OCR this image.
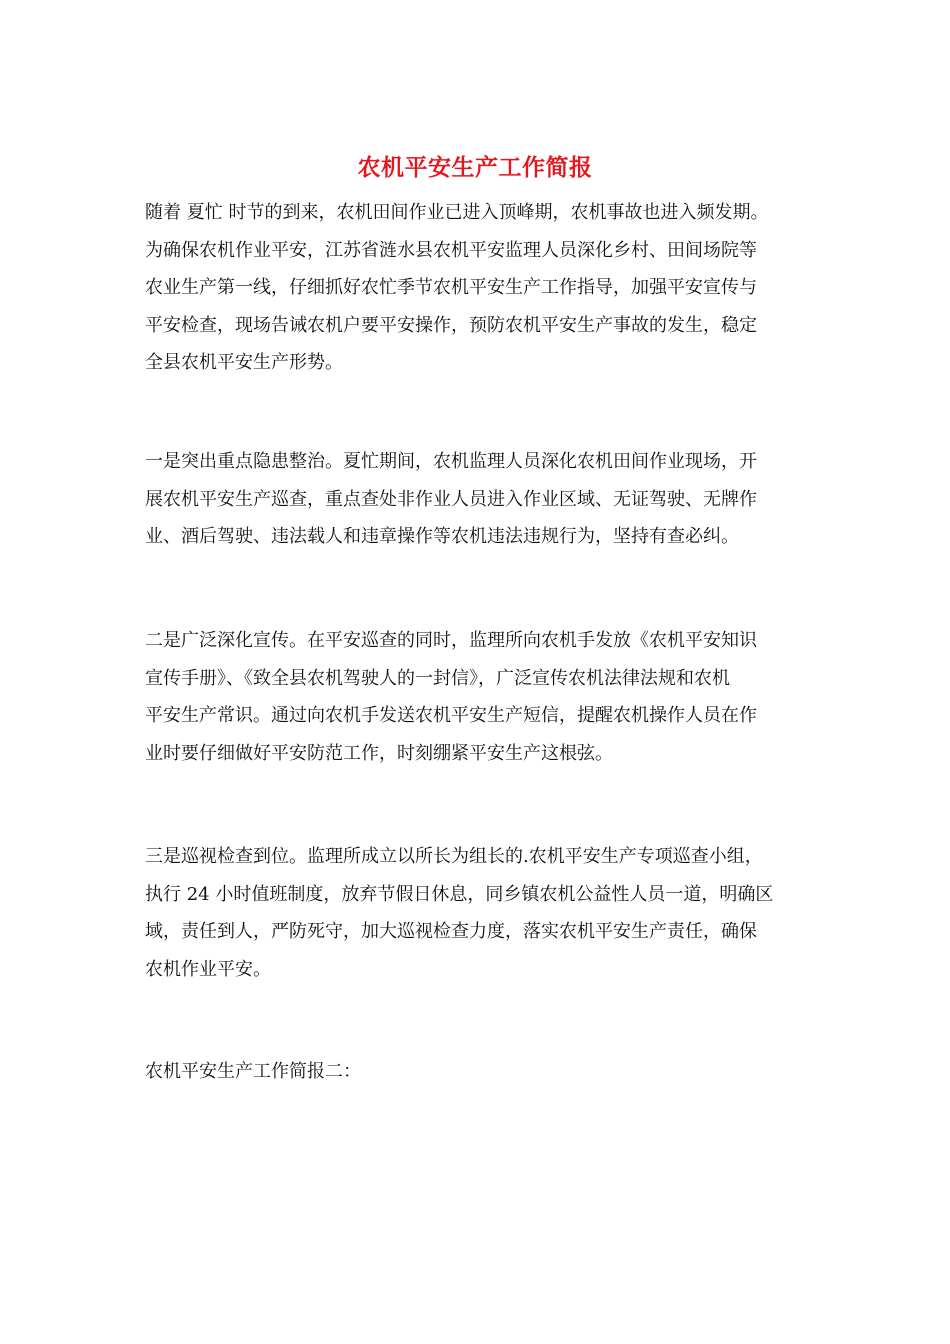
农机平安生产工作简报
随着 夏忙 时节的到来，农机田间作业已进入顶峰期，农机事故也进入频发期。
为确保农机作业平安，江苏省涟水县农机平安监理人员深化乡村、田间场院等
农业生产第一线，仔细抓好农忙季节农机平安生产工作指导，加强平安宣传与
平安检查，现场告诫农机户要平安操作，预防农机平安生产事故的发生，稳定
全县农机平安生产形势。
一是突出重点隐患整治。夏忙期间，农机监理人员深化农机田间作业现场，开
展农机平安生产巡查，重点查处非作业人员进入作业区域、无证驾驶、无牌作
业、酒后驾驶、违法载人和违章操作等农机违法违规行为，坚持有查必纠。
二是广泛深化宣传。在平安巡查的同时，监理所向农机手发放《农机平安知识
宣传手册》、《致全县农机驾驶人的一封信》，广泛宣传农机法律法规和农机
平安生产常识。通过向农机手发送农机平安生产短信，提醒农机操作人员在作
业时要仔细做好平安防范工作，时刻绷紧平安生产这根弦。
三是巡视检查到位。监理所成立以所长为组长的.农机平安生产专项巡查小组，
执行 24 小时值班制度，放弃节假日休息，同乡镇农机公益性人员一道，明确区
域，责任到人，严防死守，加大巡视检查力度，落实农机平安生产责任，确保
农机作业平安。
农机平安生产工作简报二：
